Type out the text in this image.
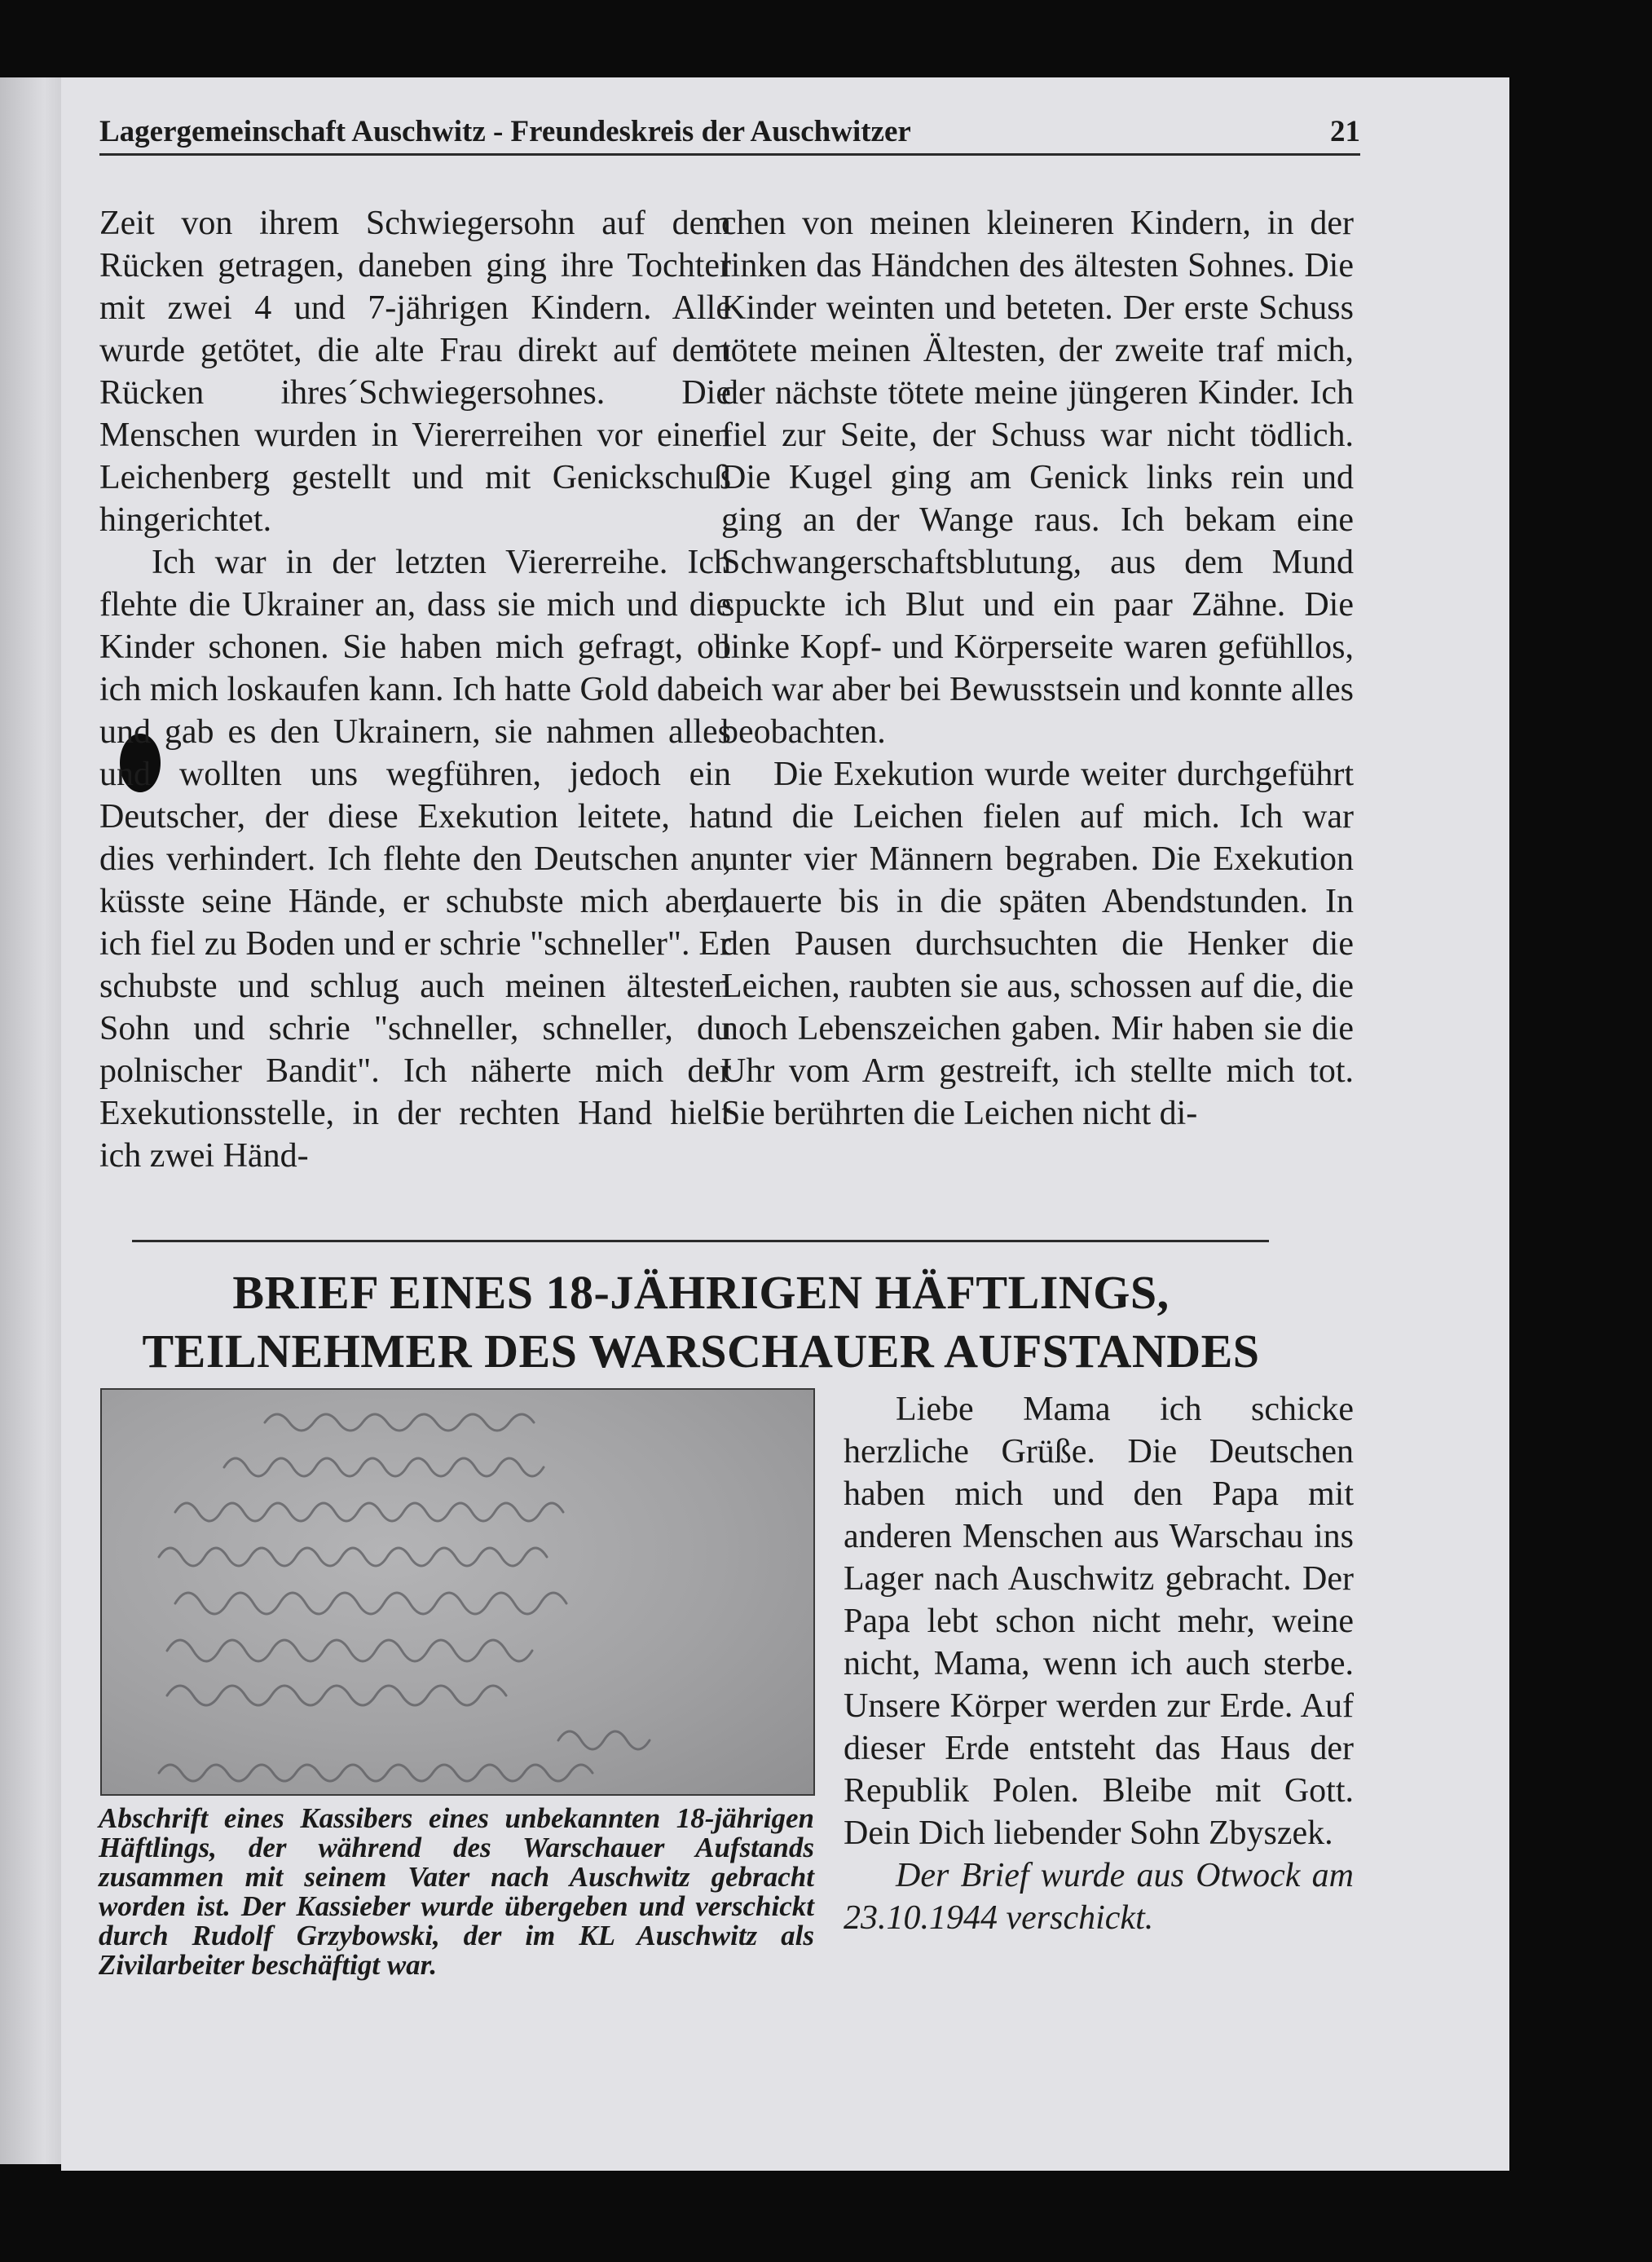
Lagergemeinschaft Auschwitz - Freundeskreis der Auschwitzer	21

Zeit von ihrem Schwiegersohn auf dem Rücken getragen, daneben ging ihre Tochter mit zwei 4 und 7-jährigen Kindern. Alle wurde getötet, die alte Frau direkt auf dem Rücken ihres´Schwiegersohnes. Die Menschen wurden in Viererreihen vor einen Leichenberg gestellt und mit Genickschuß hingerichtet.

Ich war in der letzten Viererreihe. Ich flehte die Ukrainer an, dass sie mich und die Kinder schonen. Sie haben mich gefragt, ob ich mich loskaufen kann. Ich hatte Gold dabei und gab es den Ukrainern, sie nahmen alles und wollten uns wegführen, jedoch ein Deutscher, der diese Exekution leitete, hat dies verhindert. Ich flehte den Deutschen an, küsste seine Hände, er schubste mich aber, ich fiel zu Boden und er schrie "schneller". Er schubste und schlug auch meinen ältesten Sohn und schrie "schneller, schneller, du polnischer Bandit". Ich näherte mich der Exekutionsstelle, in der rechten Hand hielt ich zwei Händ-

chen von meinen kleineren Kindern, in der linken das Händchen des ältesten Sohnes. Die Kinder weinten und beteten. Der erste Schuss tötete meinen Ältesten, der zweite traf mich, der nächste tötete meine jüngeren Kinder. Ich fiel zur Seite, der Schuss war nicht tödlich. Die Kugel ging am Genick links rein und ging an der Wange raus. Ich bekam eine Schwangerschaftsblutung, aus dem Mund spuckte ich Blut und ein paar Zähne. Die linke Kopf- und Körperseite waren gefühllos, ich war aber bei Bewusstsein und konnte alles beobachten.

Die Exekution wurde weiter durchgeführt und die Leichen fielen auf mich. Ich war unter vier Männern begraben. Die Exekution dauerte bis in die späten Abendstunden. In den Pausen durchsuchten die Henker die Leichen, raubten sie aus, schossen auf die, die noch Lebenszeichen gaben. Mir haben sie die Uhr vom Arm gestreift, ich stellte mich tot. Sie berührten die Leichen nicht di-

BRIEF EINES 18-JÄHRIGEN HÄFTLINGS,
TEILNEHMER DES WARSCHAUER AUFSTANDES
Abschrift eines Kassibers eines unbekannten 18-jährigen Häftlings, der während des Warschauer Aufstands zusammen mit seinem Vater nach Auschwitz gebracht worden ist. Der Kassieber wurde übergeben und verschickt durch Rudolf Grzybowski, der im KL Auschwitz als Zivilarbeiter beschäftigt war.

Liebe Mama ich schicke herzliche Grüße. Die Deutschen haben mich und den Papa mit anderen Menschen aus Warschau ins Lager nach Auschwitz gebracht. Der Papa lebt schon nicht mehr, weine nicht, Mama, wenn ich auch sterbe. Unsere Körper werden zur Erde. Auf dieser Erde entsteht das Haus der Republik Polen. Bleibe mit Gott. Dein Dich liebender Sohn Zbyszek.

Der Brief wurde aus Otwock am 23.10.1944 verschickt.
